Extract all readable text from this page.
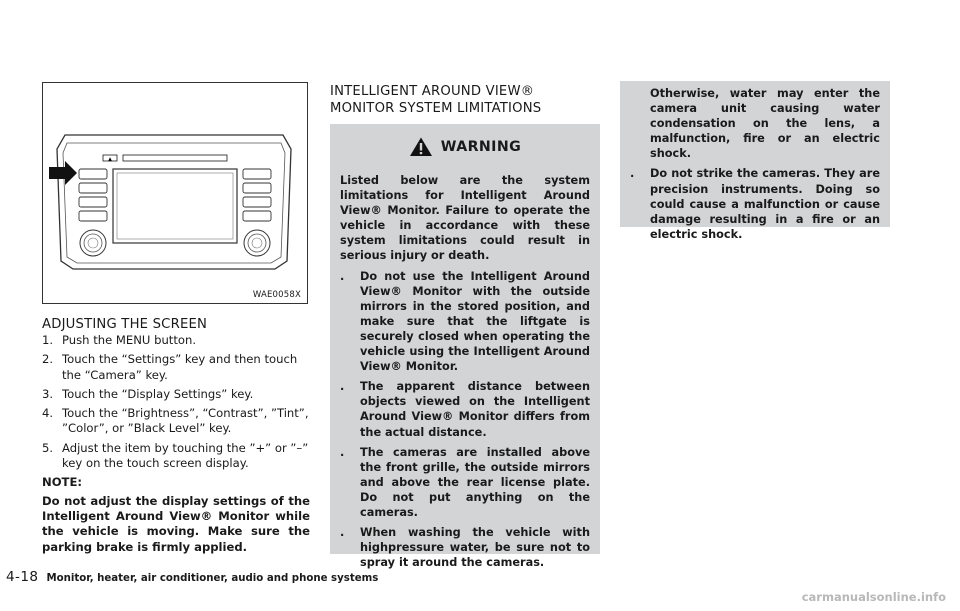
▲
WAE0058X
ADJUSTING THE SCREEN
1. Push the MENU button.
2. Touch the “Settings” key and then touch the “Camera” key.
3. Touch the “Display Settings” key.
4. Touch the “Brightness”, “Contrast”, ”Tint”, ”Color”, or ”Black Level” key.
5. Adjust the item by touching the ”+” or ”–” key on the touch screen display.
NOTE:
Do not adjust the display settings of the Intelligent Around View® Monitor while the vehicle is moving. Make sure the parking brake is firmly applied.
INTELLIGENT AROUND VIEW®
MONITOR SYSTEM LIMITATIONS
WARNING
Listed below are the system limitations for Intelligent Around View® Monitor. Failure to operate the vehicle in accordance with these system limitations could result in serious injury or death.
.	Do not use the Intelligent Around View® Monitor with the outside mirrors in the stored position, and make sure that the liftgate is securely closed when operating the vehicle using the Intelligent Around View® Monitor.
.	The apparent distance between objects viewed on the Intelligent Around View® Monitor differs from the actual distance.
.	The cameras are installed above the front grille, the outside mirrors and above the rear license plate. Do not put anything on the cameras.
.	When washing the vehicle with highpressure water, be sure not to spray it around the cameras.
Otherwise, water may enter the camera unit causing water condensation on the lens, a malfunction, fire or an electric shock.
.	Do not strike the cameras. They are precision instruments. Doing so could cause a malfunction or cause damage resulting in a fire or an electric shock.
4-18 Monitor, heater, air conditioner, audio and phone systems
carmanualsonline.info
